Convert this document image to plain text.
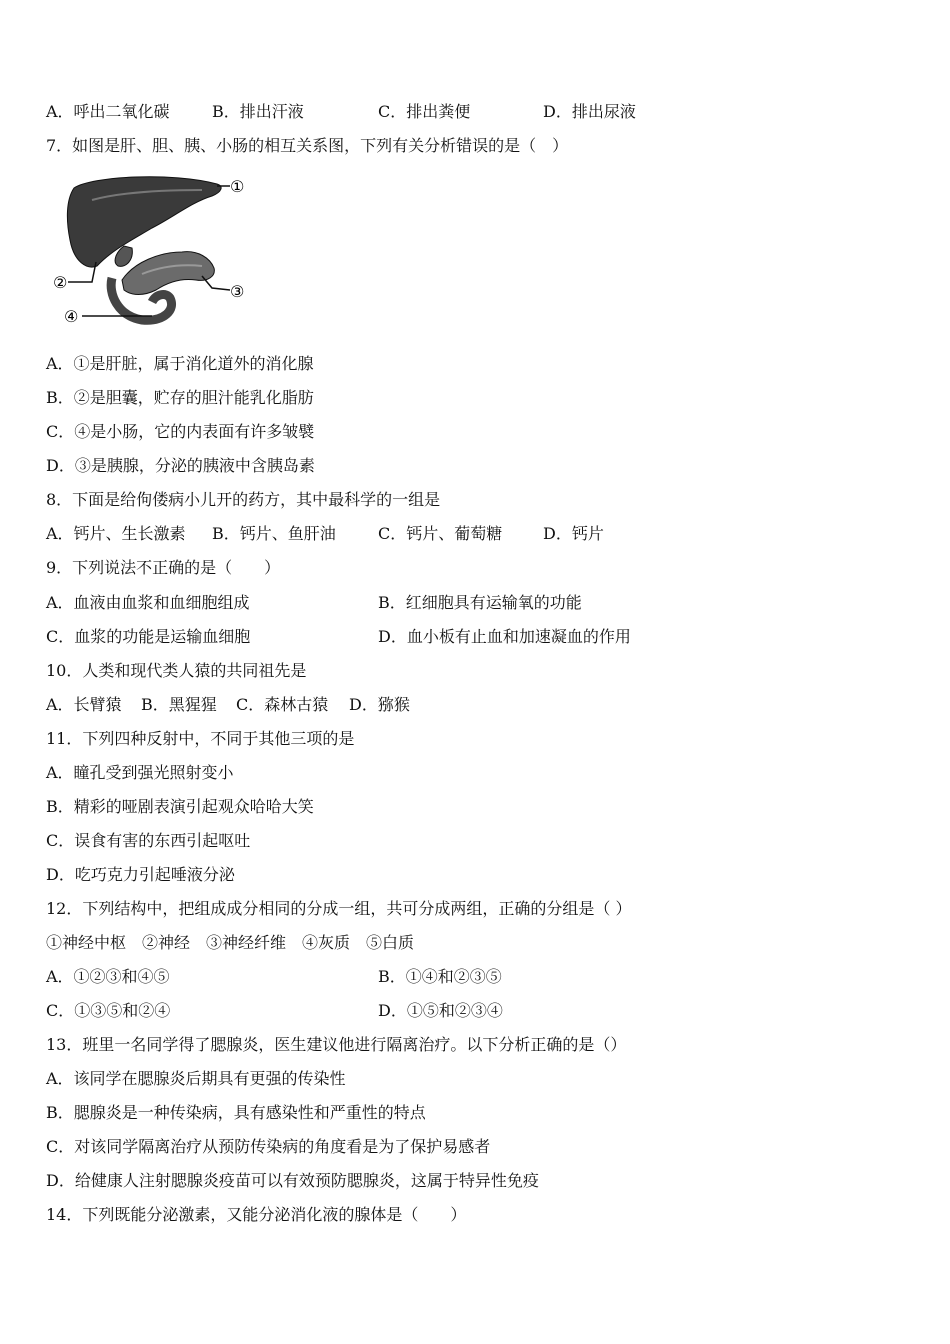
A．呼出二氧化碳	B．排出汗液	C．排出粪便	D．排出尿液
7．如图是肝、胆、胰、小肠的相互关系图，下列有关分析错误的是（　）
①
②	③
④
A．①是肝脏，属于消化道外的消化腺
B．②是胆囊，贮存的胆汁能乳化脂肪
C．④是小肠，它的内表面有许多皱襞
D．③是胰腺，分泌的胰液中含胰岛素
8．下面是给佝偻病小儿开的药方，其中最科学的一组是
A．钙片、生长激素 B．钙片、鱼肝油	C．钙片、葡萄糖	D．钙片
9．下列说法不正确的是（　　）
A．血液由血浆和血细胞组成	B．红细胞具有运输氧的功能
C．血浆的功能是运输血细胞	D．血小板有止血和加速凝血的作用
10．人类和现代类人猿的共同祖先是
A．长臂猿 B．黑猩猩 C．森林古猿 D．猕猴
11．下列四种反射中，不同于其他三项的是
A．瞳孔受到强光照射变小
B．精彩的哑剧表演引起观众哈哈大笑
C．误食有害的东西引起呕吐
D．吃巧克力引起唾液分泌
12．下列结构中，把组成成分相同的分成一组，共可分成两组，正确的分组是（ ）
①神经中枢　②神经　③神经纤维　④灰质　⑤白质
A．①②③和④⑤	B．①④和②③⑤
C．①③⑤和②④	D．①⑤和②③④
13．班里一名同学得了腮腺炎，医生建议他进行隔离治疗。以下分析正确的是（）
A．该同学在腮腺炎后期具有更强的传染性
B．腮腺炎是一种传染病，具有感染性和严重性的特点
C．对该同学隔离治疗从预防传染病的角度看是为了保护易感者
D．给健康人注射腮腺炎疫苗可以有效预防腮腺炎，这属于特异性免疫
14．下列既能分泌激素，又能分泌消化液的腺体是（　　）
